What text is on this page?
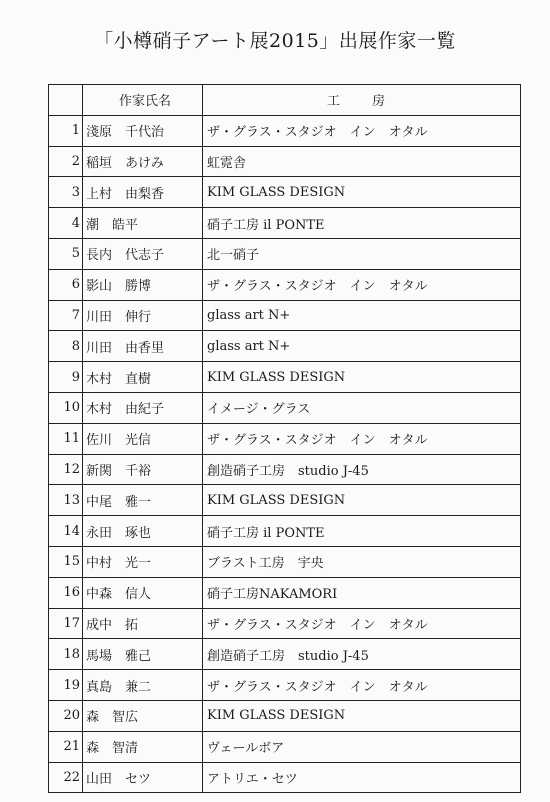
「小樽硝子アート展2015」出展作家一覧
	作家氏名	工　　房
1	淺原　千代治	ザ・グラス・スタジオ　イン　オタル
2	稲垣　あけみ	虹霓舎
3	上村　由梨香	KIM GLASS DESIGN
4	潮　皓平	硝子工房 il PONTE
5	長内　代志子	北一硝子
6	影山　勝博	ザ・グラス・スタジオ　イン　オタル
7	川田　伸行	glass art N+
8	川田　由香里	glass art N+
9	木村　直樹	KIM GLASS DESIGN
10	木村　由紀子	イメージ・グラス
11	佐川　光信	ザ・グラス・スタジオ　イン　オタル
12	新関　千裕	創造硝子工房　studio J-45
13	中尾　雅一	KIM GLASS DESIGN
14	永田　琢也	硝子工房 il PONTE
15	中村　光一	ブラスト工房　宇央
16	中森　信人	硝子工房NAKAMORI
17	成中　拓	ザ・グラス・スタジオ　イン　オタル
18	馬場　雅己	創造硝子工房　studio J-45
19	真島　兼二	ザ・グラス・スタジオ　イン　オタル
20	森　智広	KIM GLASS DESIGN
21	森　智清	ヴェールボア
22	山田　セツ	アトリエ・セツ
